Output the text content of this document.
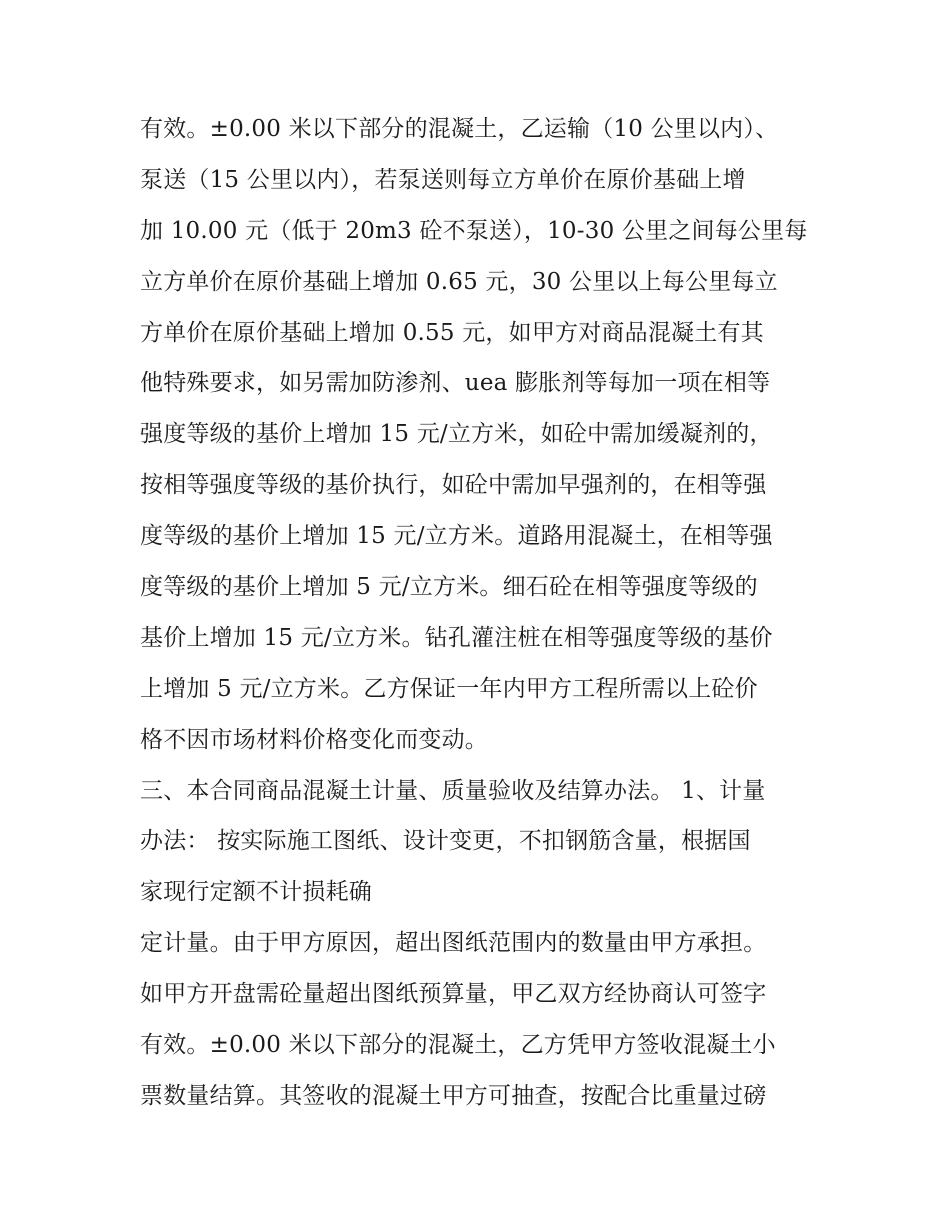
有效。±0.00 米以下部分的混凝土，乙运输（10 公里以内）、
泵送（15 公里以内），若泵送则每立方单价在原价基础上增
加 10.00 元（低于 20m3 砼不泵送），10-30 公里之间每公里每
立方单价在原价基础上增加 0.65 元，30 公里以上每公里每立
方单价在原价基础上增加 0.55 元，如甲方对商品混凝土有其
他特殊要求，如另需加防渗剂、uea 膨胀剂等每加一项在相等
强度等级的基价上增加 15 元/立方米，如砼中需加缓凝剂的，
按相等强度等级的基价执行，如砼中需加早强剂的，在相等强
度等级的基价上增加 15 元/立方米。道路用混凝土，在相等强
度等级的基价上增加 5 元/立方米。细石砼在相等强度等级的
基价上增加 15 元/立方米。钻孔灌注桩在相等强度等级的基价
上增加 5 元/立方米。乙方保证一年内甲方工程所需以上砼价
格不因市场材料价格变化而变动。
三、本合同商品混凝土计量、质量验收及结算办法。 1、计量
办法： 按实际施工图纸、设计变更，不扣钢筋含量，根据国
家现行定额不计损耗确
定计量。由于甲方原因，超出图纸范围内的数量由甲方承担。
如甲方开盘需砼量超出图纸预算量，甲乙双方经协商认可签字
有效。±0.00 米以下部分的混凝土，乙方凭甲方签收混凝土小
票数量结算。其签收的混凝土甲方可抽查，按配合比重量过磅
